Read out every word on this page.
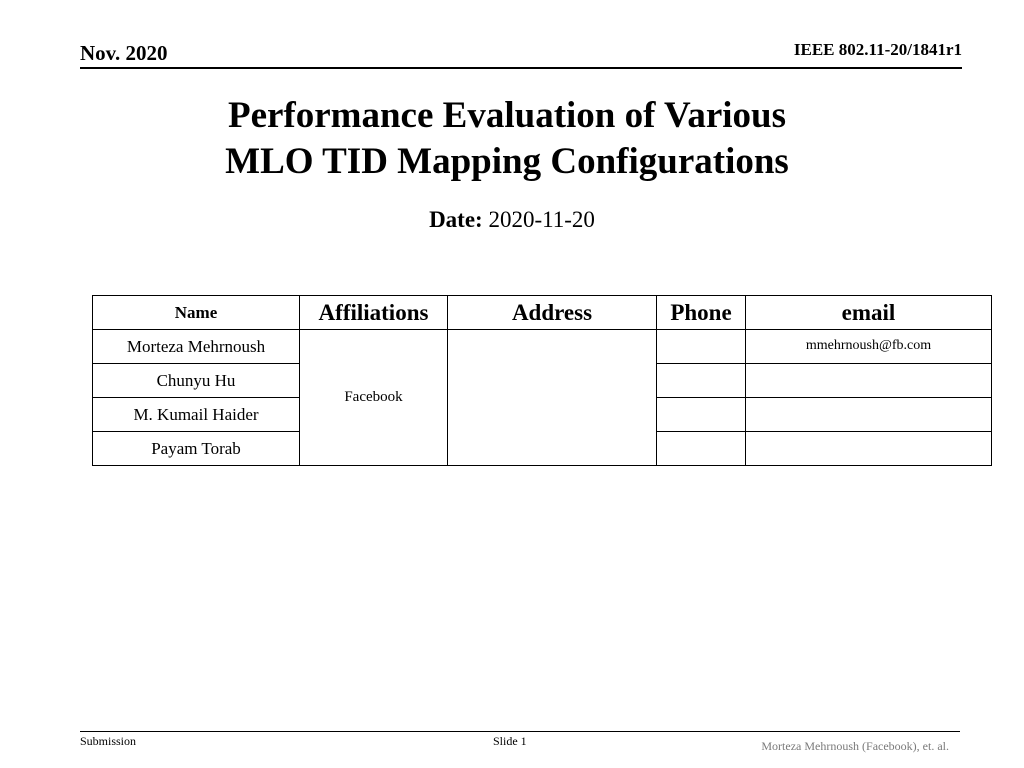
Nov. 2020	IEEE 802.11-20/1841r1
Performance Evaluation of Various
MLO TID Mapping Configurations
Date: 2020-11-20
Name	Affiliations	Address	Phone	email
Morteza Mehrnoush	Facebook			mmehrnoush@fb.com
Chunyu Hu				
M. Kumail Haider				
Payam Torab				
Submission	Slide 1	Morteza Mehrnoush (Facebook), et. al.
